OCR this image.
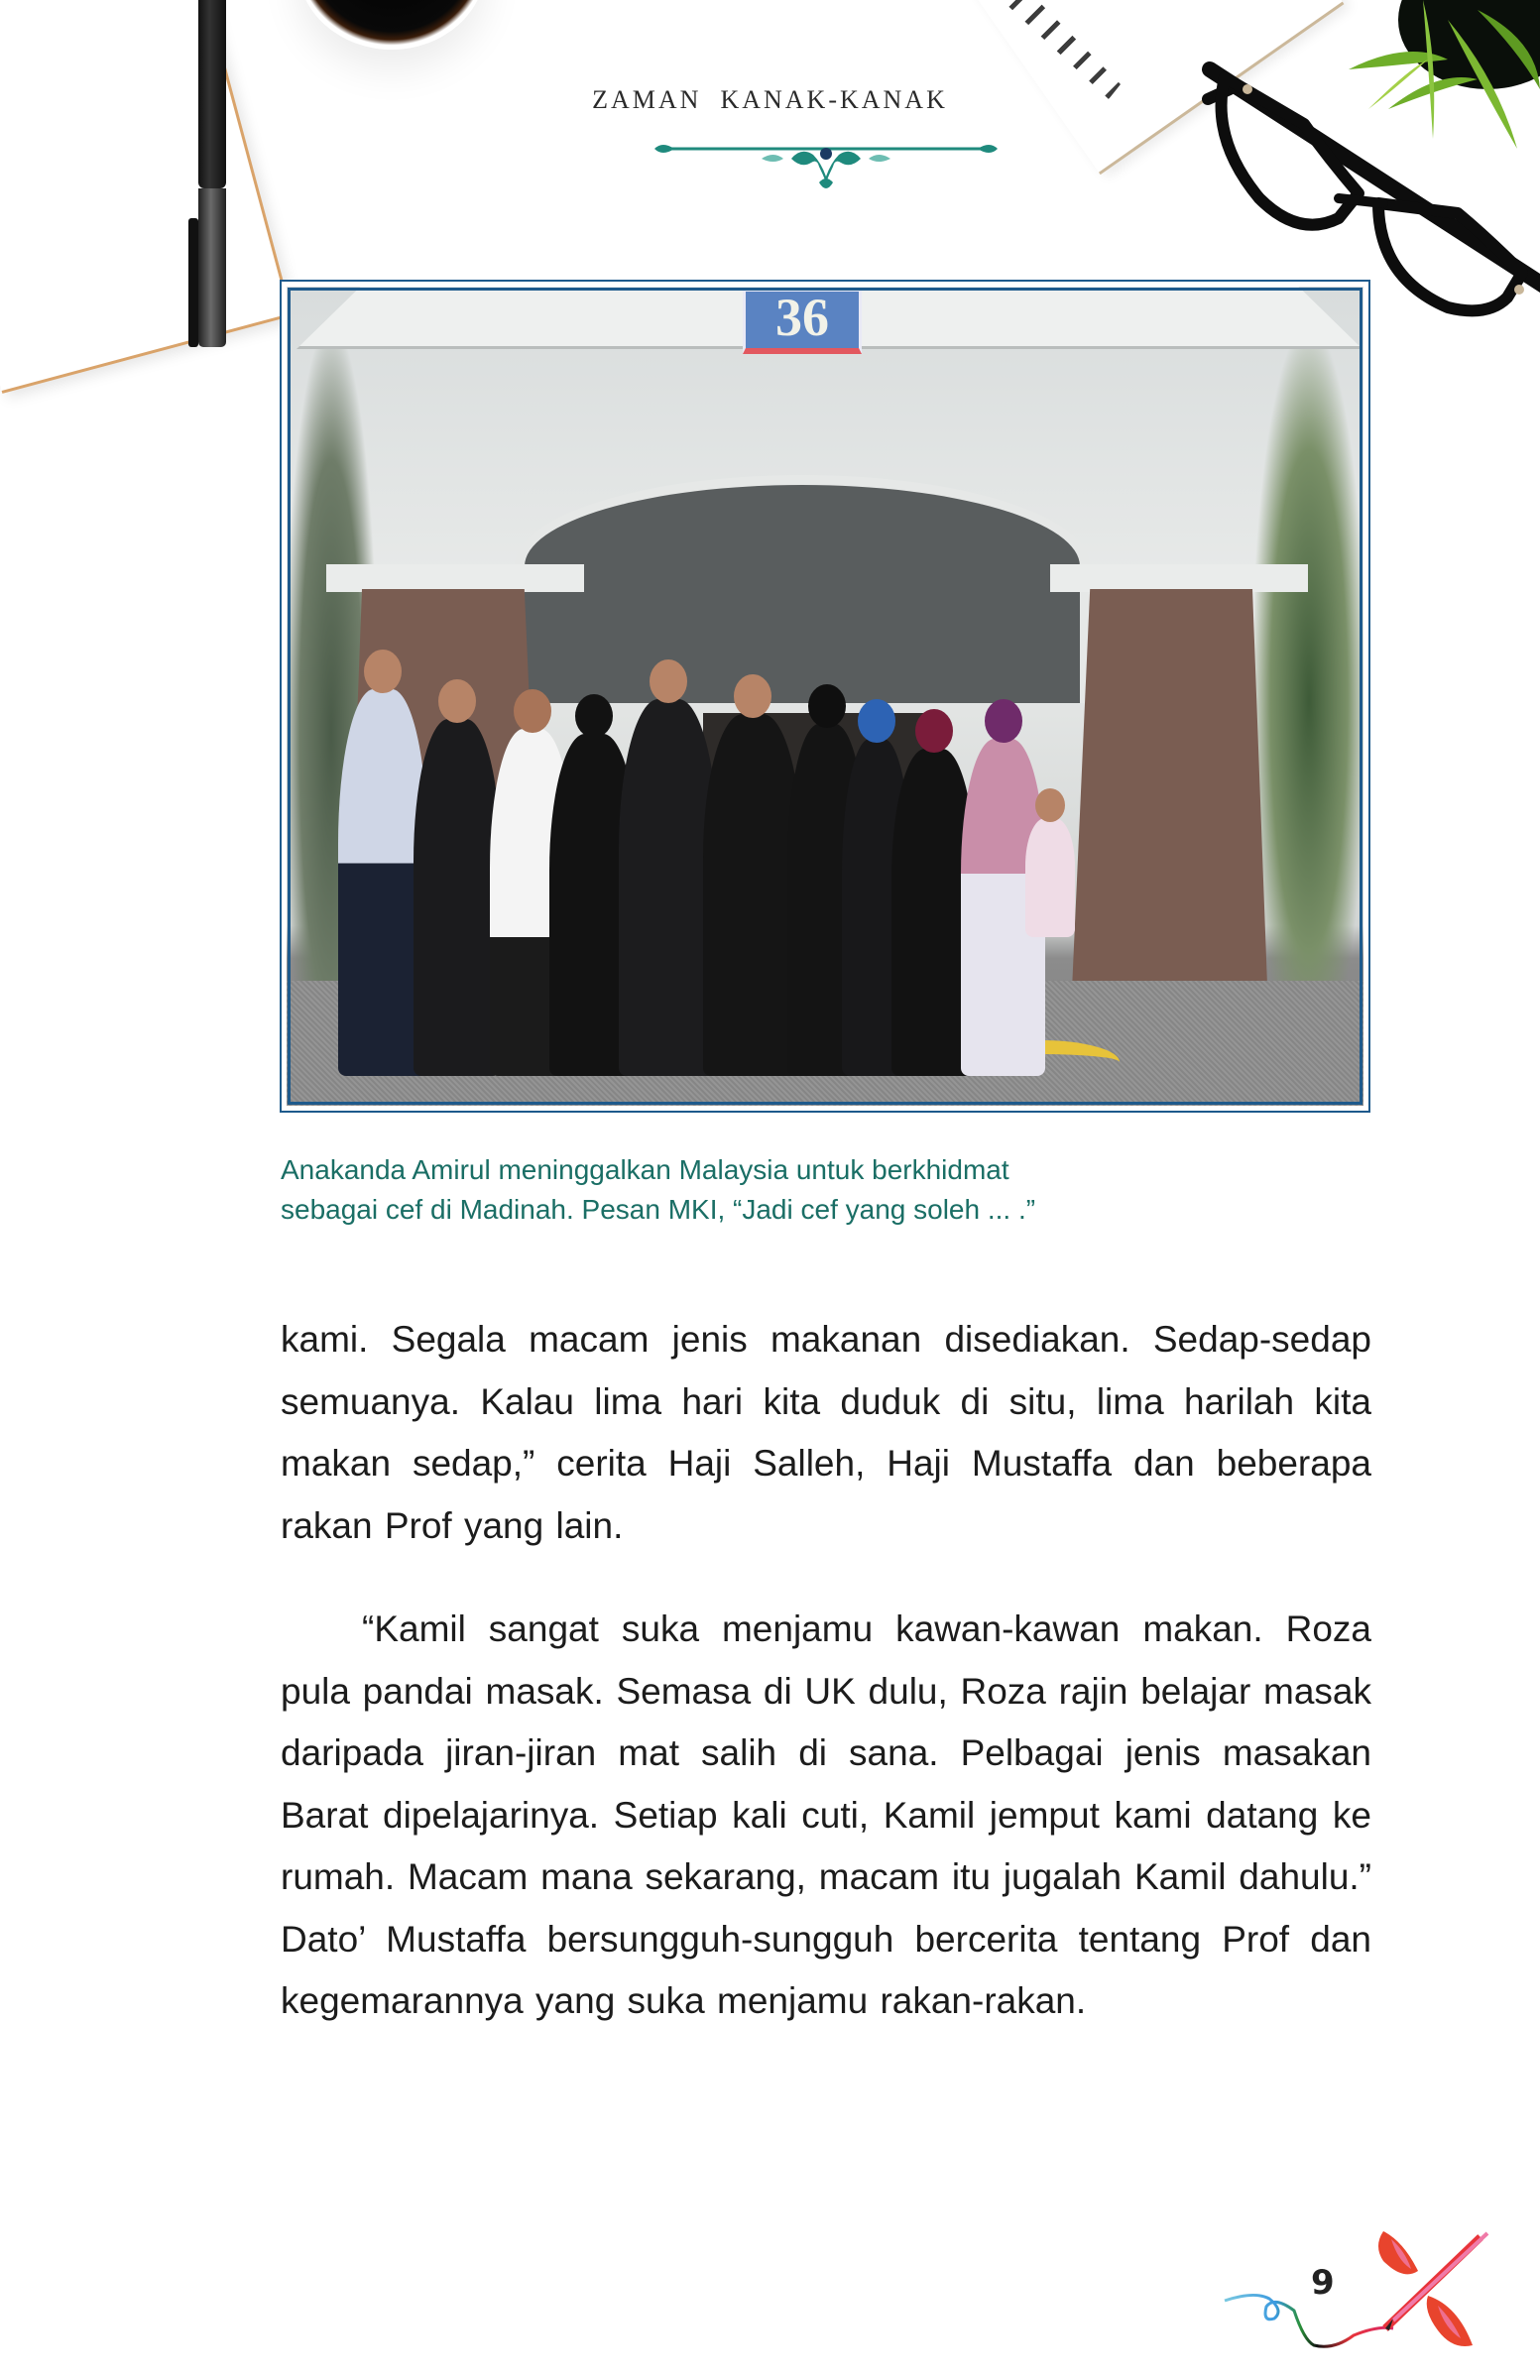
ZAMAN  KANAK-KANAK
36
Anakanda Amirul meninggalkan Malaysia untuk berkhidmat
sebagai cef di Madinah. Pesan MKI, “Jadi cef yang soleh ... .”

kami. Segala macam jenis makanan disediakan. Sedap-sedap semuanya. Kalau lima hari kita duduk di situ, lima harilah kita makan sedap,” cerita Haji Salleh, Haji Mustaffa dan beberapa rakan Prof yang lain.

“Kamil sangat suka menjamu kawan-kawan makan. Roza pula pandai masak. Semasa di UK dulu, Roza rajin belajar masak daripada jiran-jiran mat salih di sana. Pelbagai jenis masakan Barat dipelajarinya. Setiap kali cuti, Kamil jemput kami datang ke rumah. Macam mana sekarang, macam itu jugalah Kamil dahulu.” Dato’ Mustaffa bersungguh-sungguh bercerita tentang Prof dan kegemarannya yang suka menjamu rakan-rakan.

9
